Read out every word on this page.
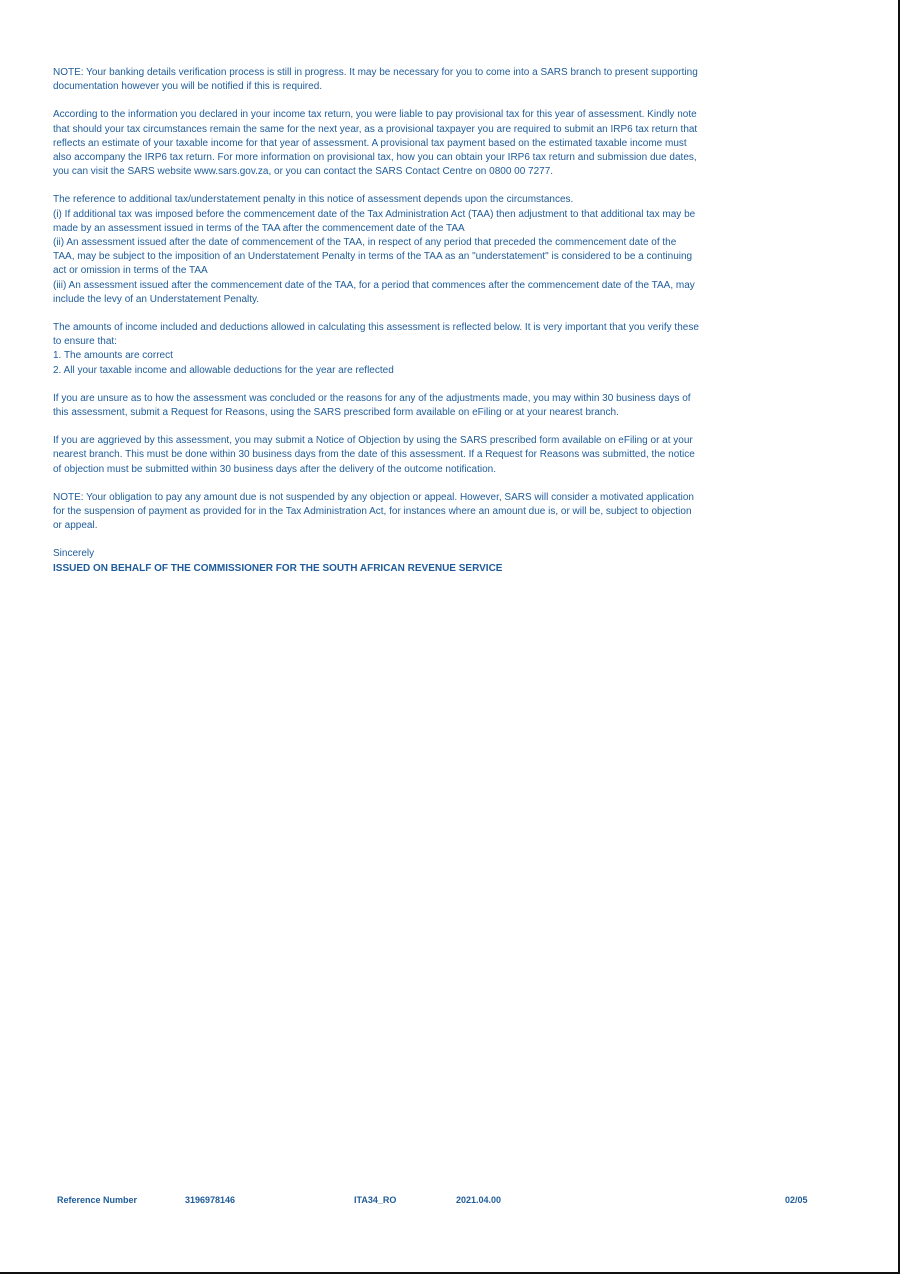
NOTE: Your banking details verification process is still in progress. It may be necessary for you to come into a SARS branch to present supporting
documentation however you will be notified if this is required.

According to the information you declared in your income tax return, you were liable to pay provisional tax for this year of assessment. Kindly note
that should your tax circumstances remain the same for the next year, as a provisional taxpayer you are required to submit an IRP6 tax return that
reflects an estimate of your taxable income for that year of assessment. A provisional tax payment based on the estimated taxable income must
also accompany the IRP6 tax return. For more information on provisional tax, how you can obtain your IRP6 tax return and submission due dates,
you can visit the SARS website www.sars.gov.za, or you can contact the SARS Contact Centre on 0800 00 7277.

The reference to additional tax/understatement penalty in this notice of assessment depends upon the circumstances.
(i) If additional tax was imposed before the commencement date of the Tax Administration Act (TAA) then adjustment to that additional tax may be
made by an assessment issued in terms of the TAA after the commencement date of the TAA
(ii) An assessment issued after the date of commencement of the TAA, in respect of any period that preceded the commencement date of the
TAA, may be subject to the imposition of an Understatement Penalty in terms of the TAA as an "understatement" is considered to be a continuing
act or omission in terms of the TAA
(iii) An assessment issued after the commencement date of the TAA, for a period that commences after the commencement date of the TAA, may
include the levy of an Understatement Penalty.

The amounts of income included and deductions allowed in calculating this assessment is reflected below. It is very important that you verify these
to ensure that:
1. The amounts are correct
2. All your taxable income and allowable deductions for the year are reflected

If you are unsure as to how the assessment was concluded or the reasons for any of the adjustments made, you may within 30 business days of
this assessment, submit a Request for Reasons, using the SARS prescribed form available on eFiling or at your nearest branch.

If you are aggrieved by this assessment, you may submit a Notice of Objection by using the SARS prescribed form available on eFiling or at your
nearest branch. This must be done within 30 business days from the date of this assessment. If a Request for Reasons was submitted, the notice
of objection must be submitted within 30 business days after the delivery of the outcome notification.

NOTE: Your obligation to pay any amount due is not suspended by any objection or appeal. However, SARS will consider a motivated application
for the suspension of payment as provided for in the Tax Administration Act, for instances where an amount due is, or will be, subject to objection
or appeal.

Sincerely
ISSUED ON BEHALF OF THE COMMISSIONER FOR THE SOUTH AFRICAN REVENUE SERVICE
Reference Number	3196978146	ITA34_RO	2021.04.00	02/05
